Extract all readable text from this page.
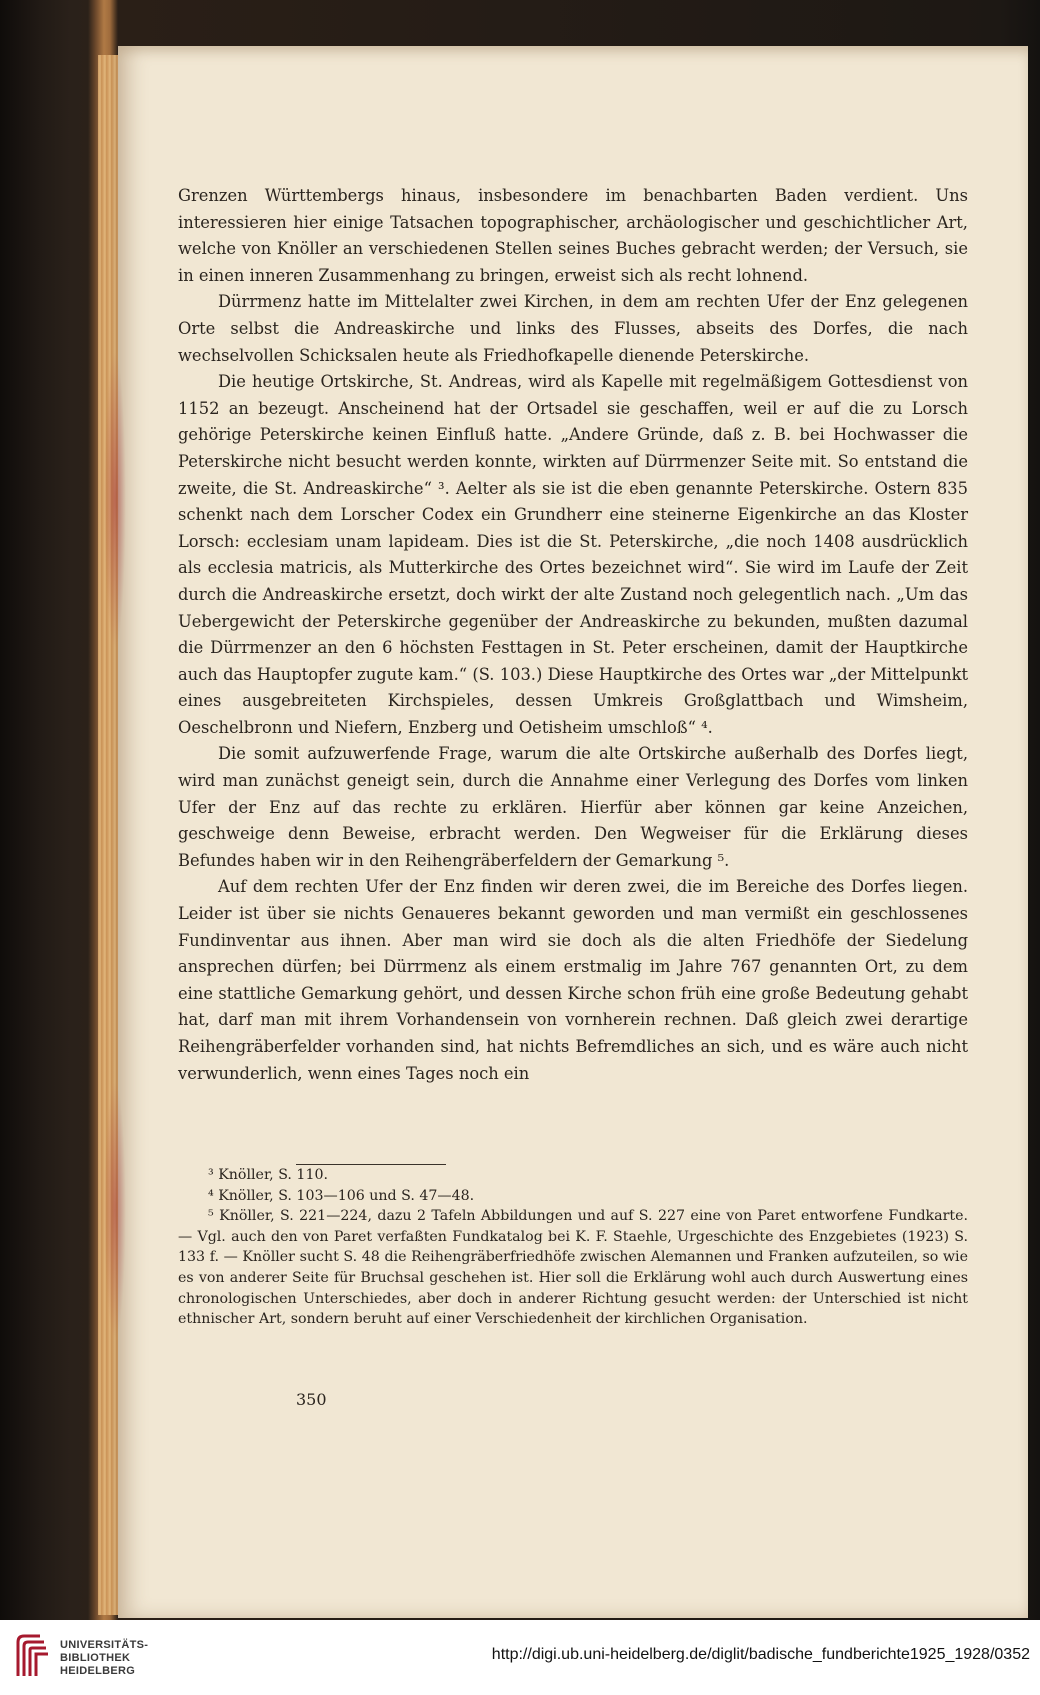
Grenzen Württembergs hinaus, insbesondere im benachbarten Baden verdient. Uns interessieren hier einige Tatsachen topographischer, archäologischer und geschichtlicher Art, welche von Knöller an verschiedenen Stellen seines Buches gebracht werden; der Versuch, sie in einen inneren Zusammenhang zu bringen, erweist sich als recht lohnend.

Dürrmenz hatte im Mittelalter zwei Kirchen, in dem am rechten Ufer der Enz gelegenen Orte selbst die Andreaskirche und links des Flusses, abseits des Dorfes, die nach wechselvollen Schicksalen heute als Friedhofkapelle dienende Peterskirche.

Die heutige Ortskirche, St. Andreas, wird als Kapelle mit regelmäßigem Gottesdienst von 1152 an bezeugt. Anscheinend hat der Ortsadel sie geschaffen, weil er auf die zu Lorsch gehörige Peterskirche keinen Einfluß hatte. „Andere Gründe, daß z. B. bei Hochwasser die Peterskirche nicht besucht werden konnte, wirkten auf Dürrmenzer Seite mit. So entstand die zweite, die St. Andreaskirche“ ³. Aelter als sie ist die eben genannte Peterskirche. Ostern 835 schenkt nach dem Lorscher Codex ein Grundherr eine steinerne Eigenkirche an das Kloster Lorsch: ecclesiam unam lapideam. Dies ist die St. Peterskirche, „die noch 1408 ausdrücklich als ecclesia matricis, als Mutterkirche des Ortes bezeichnet wird“. Sie wird im Laufe der Zeit durch die Andreaskirche ersetzt, doch wirkt der alte Zustand noch gelegentlich nach. „Um das Uebergewicht der Peterskirche gegenüber der Andreaskirche zu bekunden, mußten dazumal die Dürrmenzer an den 6 höchsten Festtagen in St. Peter erscheinen, damit der Hauptkirche auch das Hauptopfer zugute kam.“ (S. 103.) Diese Hauptkirche des Ortes war „der Mittelpunkt eines ausgebreiteten Kirchspieles, dessen Umkreis Großglattbach und Wimsheim, Oeschelbronn und Niefern, Enzberg und Oetisheim umschloß“ ⁴.

Die somit aufzuwerfende Frage, warum die alte Ortskirche außerhalb des Dorfes liegt, wird man zunächst geneigt sein, durch die Annahme einer Verlegung des Dorfes vom linken Ufer der Enz auf das rechte zu erklären. Hierfür aber können gar keine Anzeichen, geschweige denn Beweise, erbracht werden. Den Wegweiser für die Erklärung dieses Befundes haben wir in den Reihengräberfeldern der Gemarkung ⁵.

Auf dem rechten Ufer der Enz finden wir deren zwei, die im Bereiche des Dorfes liegen. Leider ist über sie nichts Genaueres bekannt geworden und man vermißt ein geschlossenes Fundinventar aus ihnen. Aber man wird sie doch als die alten Friedhöfe der Siedelung ansprechen dürfen; bei Dürrmenz als einem erstmalig im Jahre 767 genannten Ort, zu dem eine stattliche Gemarkung gehört, und dessen Kirche schon früh eine große Bedeutung gehabt hat, darf man mit ihrem Vorhandensein von vornherein rechnen. Daß gleich zwei derartige Reihengräberfelder vorhanden sind, hat nichts Befremdliches an sich, und es wäre auch nicht verwunderlich, wenn eines Tages noch ein

³ Knöller, S. 110.

⁴ Knöller, S. 103—106 und S. 47—48.

⁵ Knöller, S. 221—224, dazu 2 Tafeln Abbildungen und auf S. 227 eine von Paret entworfene Fundkarte. — Vgl. auch den von Paret verfaßten Fundkatalog bei K. F. Staehle, Urgeschichte des Enzgebietes (1923) S. 133 f. — Knöller sucht S. 48 die Reihengräberfriedhöfe zwischen Alemannen und Franken aufzuteilen, so wie es von anderer Seite für Bruchsal geschehen ist. Hier soll die Erklärung wohl auch durch Auswertung eines chronologischen Unterschiedes, aber doch in anderer Richtung gesucht werden: der Unterschied ist nicht ethnischer Art, sondern beruht auf einer Verschiedenheit der kirchlichen Organisation.

350
UNIVERSITÄTS-
BIBLIOTHEK
HEIDELBERG
http://digi.ub.uni-heidelberg.de/diglit/badische_fundberichte1925_1928/0352
